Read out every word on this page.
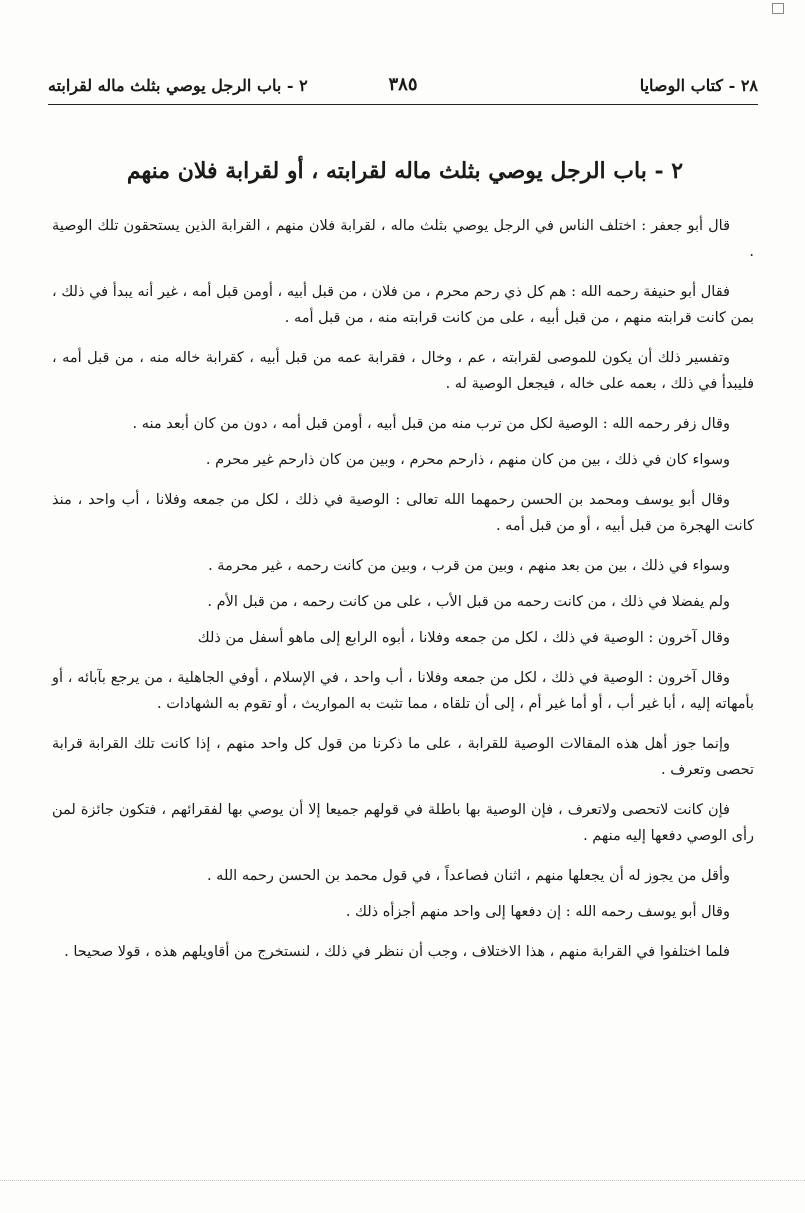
٢٨ - كتاب الوصايا
٣٨٥
٢ - باب الرجل يوصي بثلث ماله لقرابته
٢ - باب الرجل يوصي بثلث ماله لقرابته ، أو لقرابة فلان منهم

قال أبو جعفر : اختلف الناس في الرجل يوصي بثلث ماله ، لقرابة فلان منهم ، القرابة الذين يستحقون تلك الوصية .

فقال أبو حنيفة رحمه الله : هم كل ذي رحم محرم ، من فلان ، من قبل أبيه ، أومن قبل أمه ، غير أنه يبدأ في ذلك ، بمن كانت قرابته منهم ، من قبل أبيه ، على من كانت قرابته منه ، من قبل أمه .

وتفسير ذلك أن يكون للموصى لقرابته ، عم ، وخال ، فقرابة عمه من قبل أبيه ، كقرابة خاله منه ، من قبل أمه ، فليبدأ في ذلك ، بعمه على خاله ، فيجعل الوصية له .

وقال زفر رحمه الله : الوصية لكل من ترب منه من قبل أبيه ، أومن قبل أمه ، دون من كان أبعد منه .

وسواء كان في ذلك ، بين من كان منهم ، ذارحم محرم ، وبين من كان ذارحم غير محرم .

وقال أبو يوسف ومحمد بن الحسن رحمهما الله تعالى : الوصية في ذلك ، لكل من جمعه وفلانا ، أب واحد ، منذ كانت الهجرة من قبل أبيه ، أو من قبل أمه .

وسواء في ذلك ، بين من بعد منهم ، وبين من قرب ، وبين من كانت رحمه ، غير محرمة .

ولم يفضلا في ذلك ، من كانت رحمه من قبل الأب ، على من كانت رحمه ، من قبل الأم .

وقال آخرون : الوصية في ذلك ، لكل من جمعه وفلانا ، أبوه الرابع إلى ماهو أسفل من ذلك

وقال آخرون : الوصية في ذلك ، لكل من جمعه وفلانا ، أب واحد ، في الإسلام ، أوفي الجاهلية ، من يرجع بآبائه ، أو بأمهاته إليه ، أبا غير أب ، أو أما غير أم ، إلى أن تلقاه ، مما تثبت به المواريث ، أو تقوم به الشهادات .

وإنما جوز أهل هذه المقالات الوصية للقرابة ، على ما ذكرنا من قول كل واحد منهم ، إذا كانت تلك القرابة قرابة تحصى وتعرف .

فإن كانت لاتحصى ولاتعرف ، فإن الوصية بها باطلة في قولهم جميعا إلا أن يوصي بها لفقرائهم ، فتكون جائزة لمن رأى الوصي دفعها إليه منهم .

وأقل من يجوز له أن يجعلها منهم ، اثنان فصاعداً ، في قول محمد بن الحسن رحمه الله .

وقال أبو يوسف رحمه الله : إن دفعها إلى واحد منهم أجزأه ذلك .

فلما اختلفوا في القرابة منهم ، هذا الاختلاف ، وجب أن ننظر في ذلك ، لنستخرج من أقاويلهم هذه ، قولا صحيحا .
